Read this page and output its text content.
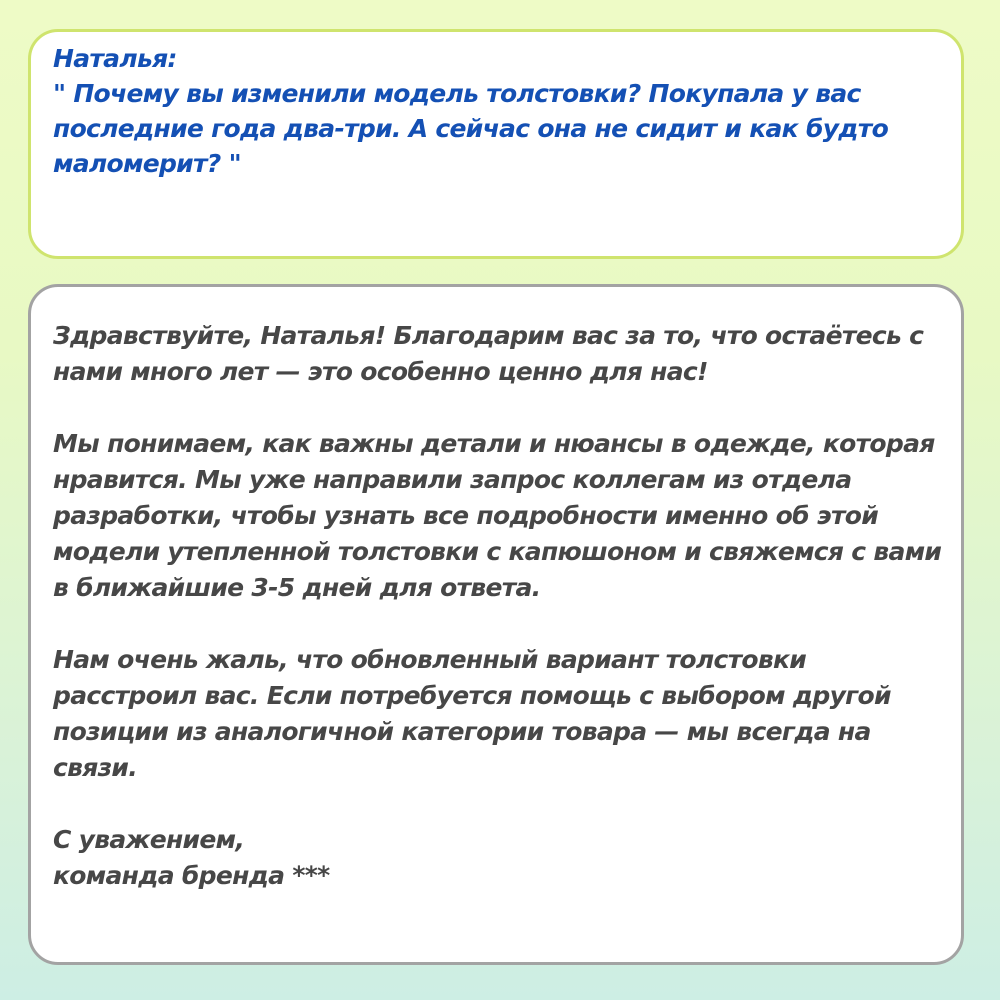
Наталья:
" Почему вы изменили модель толстовки? Покупала у вас
последние года два-три. А сейчас она не сидит и как будто
маломерит? "
Здравствуйте, Наталья! Благодарим вас за то, что остаётесь с
нами много лет — это особенно ценно для нас!
Мы понимаем, как важны детали и нюансы в одежде, которая
нравится. Мы уже направили запрос коллегам из отдела
разработки, чтобы узнать все подробности именно об этой
модели утепленной толстовки с капюшоном и свяжемся с вами
в ближайшие 3-5 дней для ответа.
Нам очень жаль, что обновленный вариант толстовки
расстроил вас. Если потребуется помощь с выбором другой
позиции из аналогичной категории товара — мы всегда на
связи.
С уважением,
команда бренда ***
